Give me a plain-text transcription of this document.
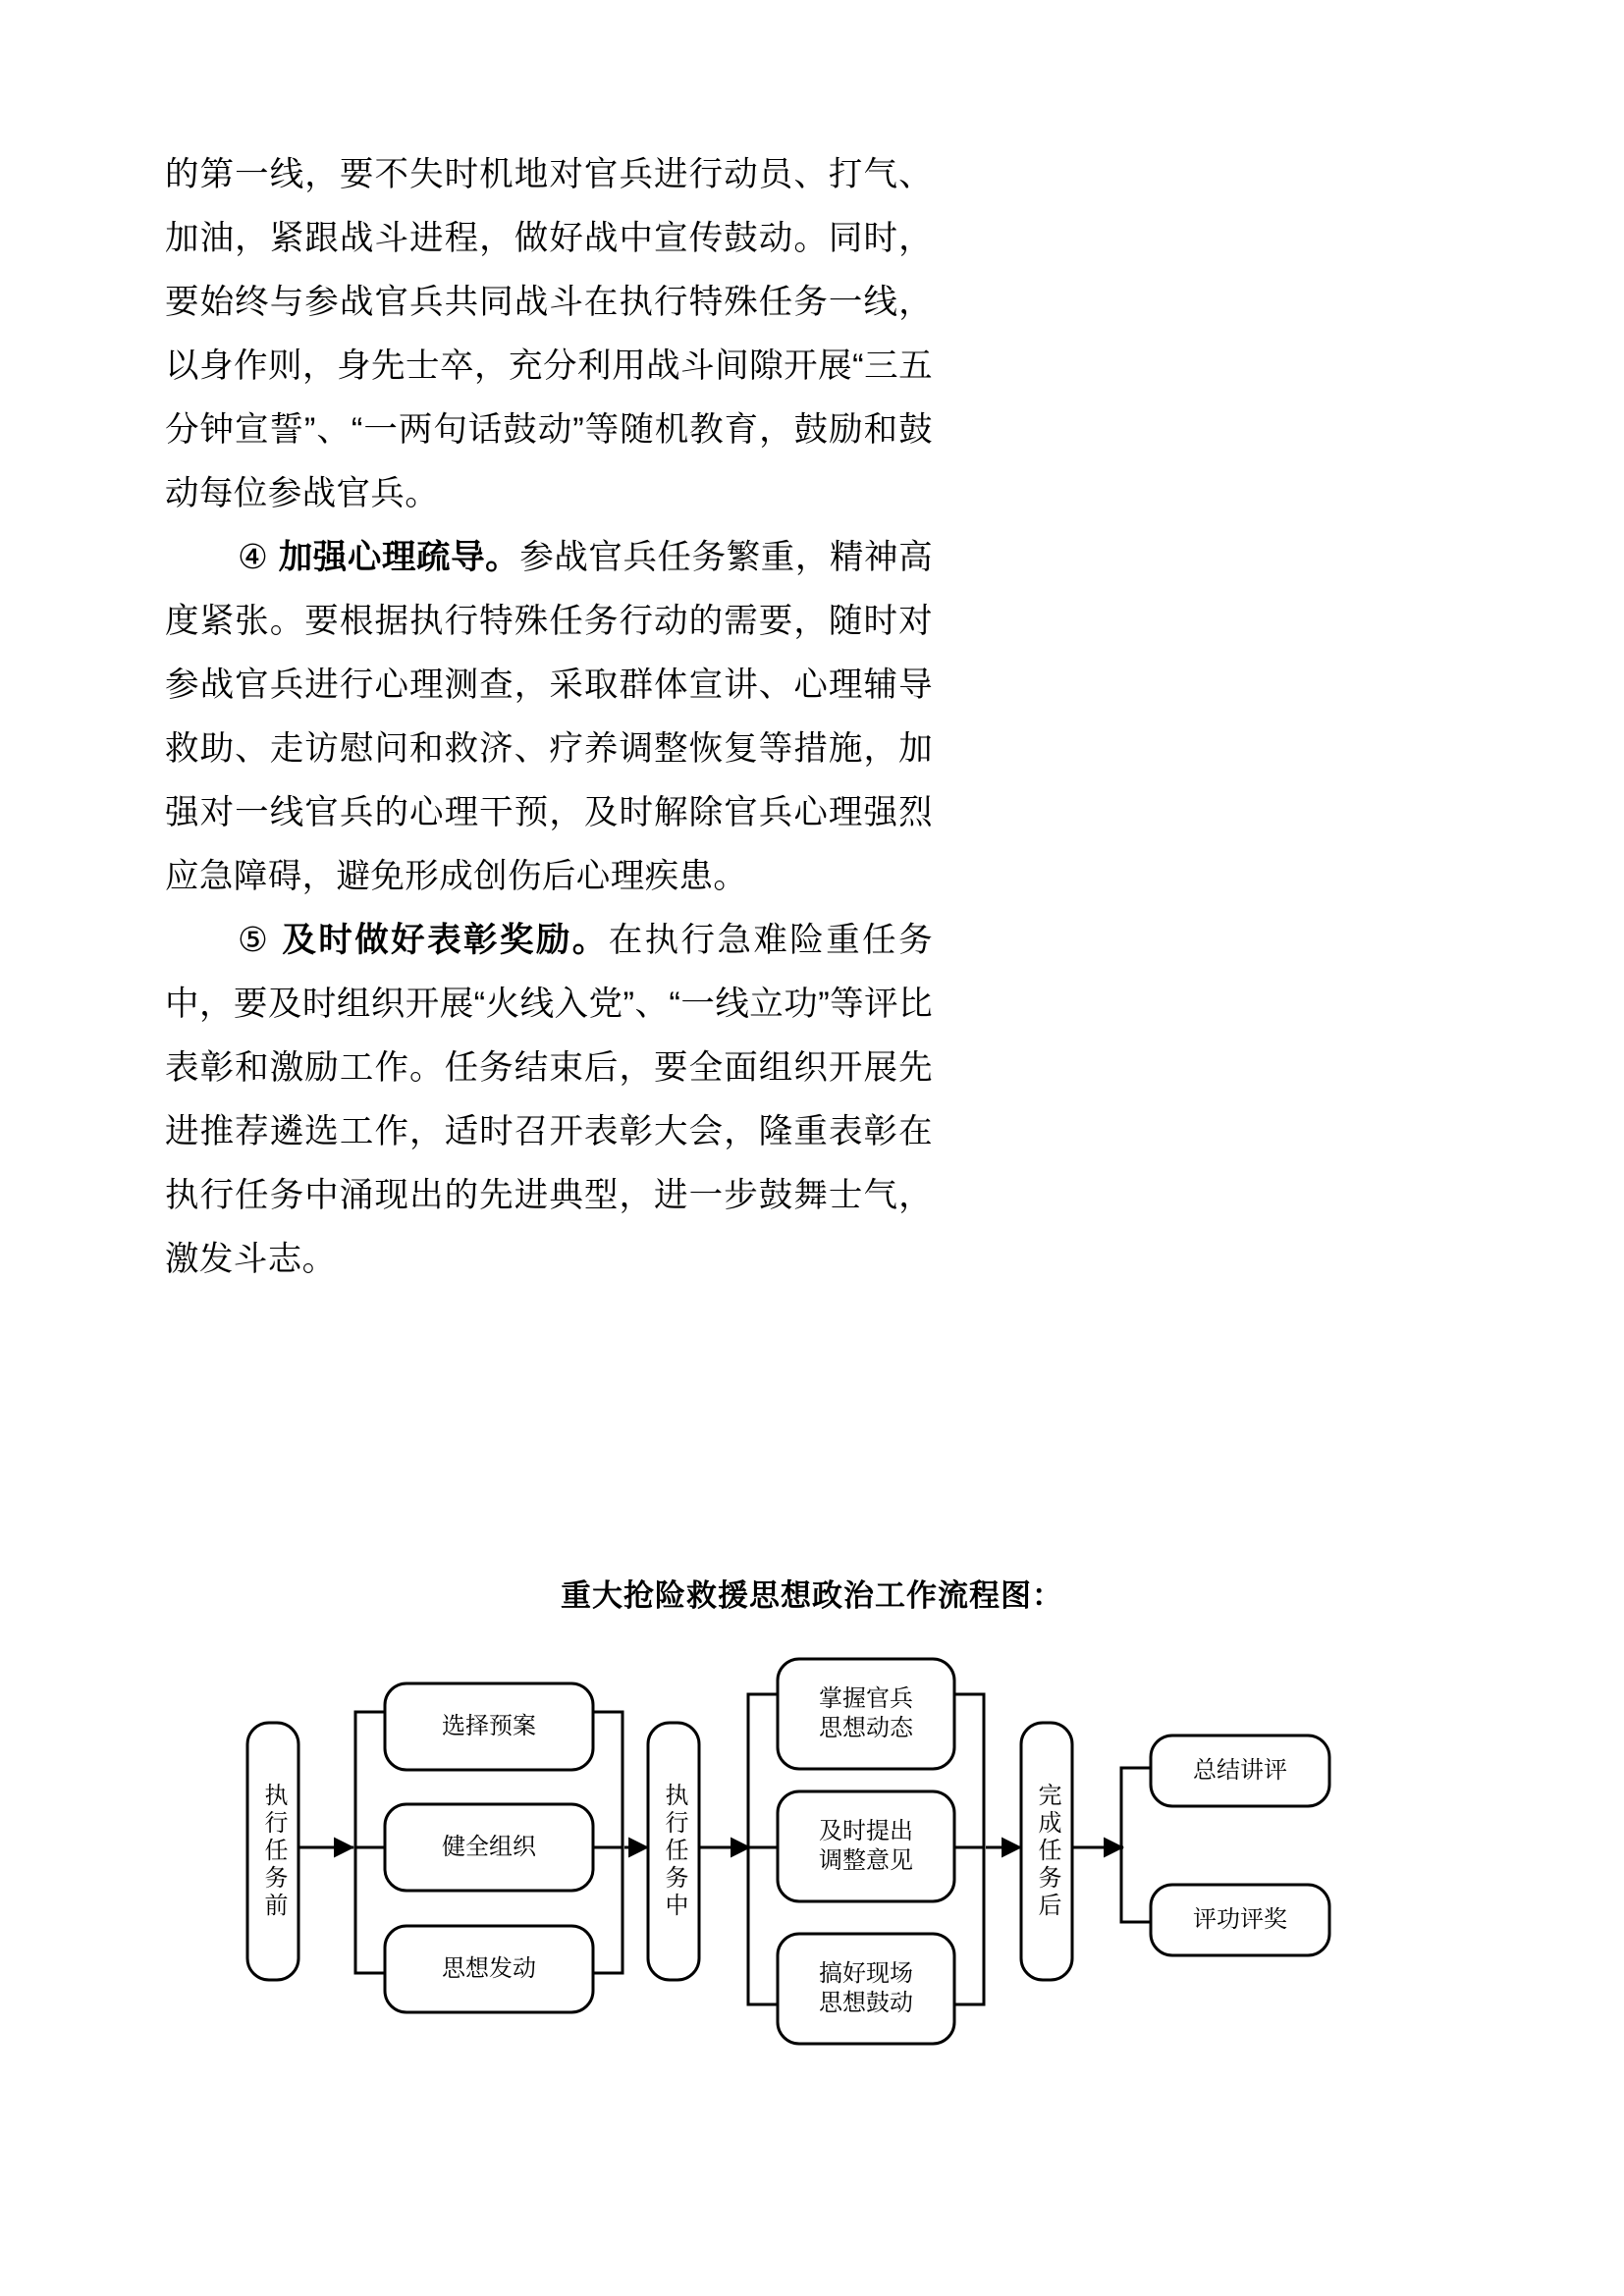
的第一线，要不失时机地对官兵进行动员、打气、加油，紧跟战斗进程，做好战中宣传鼓动。同时，要始终与参战官兵共同战斗在执行特殊任务一线，以身作则，身先士卒，充分利用战斗间隙开展“三五分钟宣誓”、“一两句话鼓动”等随机教育，鼓励和鼓动每位参战官兵。

④ 加强心理疏导。参战官兵任务繁重，精神高度紧张。要根据执行特殊任务行动的需要，随时对参战官兵进行心理测查，采取群体宣讲、心理辅导救助、走访慰问和救济、疗养调整恢复等措施，加强对一线官兵的心理干预，及时解除官兵心理强烈应急障碍，避免形成创伤后心理疾患。

⑤ 及时做好表彰奖励。在执行急难险重任务中，要及时组织开展“火线入党”、“一线立功”等评比表彰和激励工作。任务结束后，要全面组织开展先进推荐遴选工作，适时召开表彰大会，隆重表彰在执行任务中涌现出的先进典型，进一步鼓舞士气，激发斗志。

重大抢险救援思想政治工作流程图：
执行任务前	执行任务中	完成任务后
选择预案
健全组织
思想发动
掌握官兵
思想动态
及时提出
调整意见
搞好现场
思想鼓动
总结讲评
评功评奖
